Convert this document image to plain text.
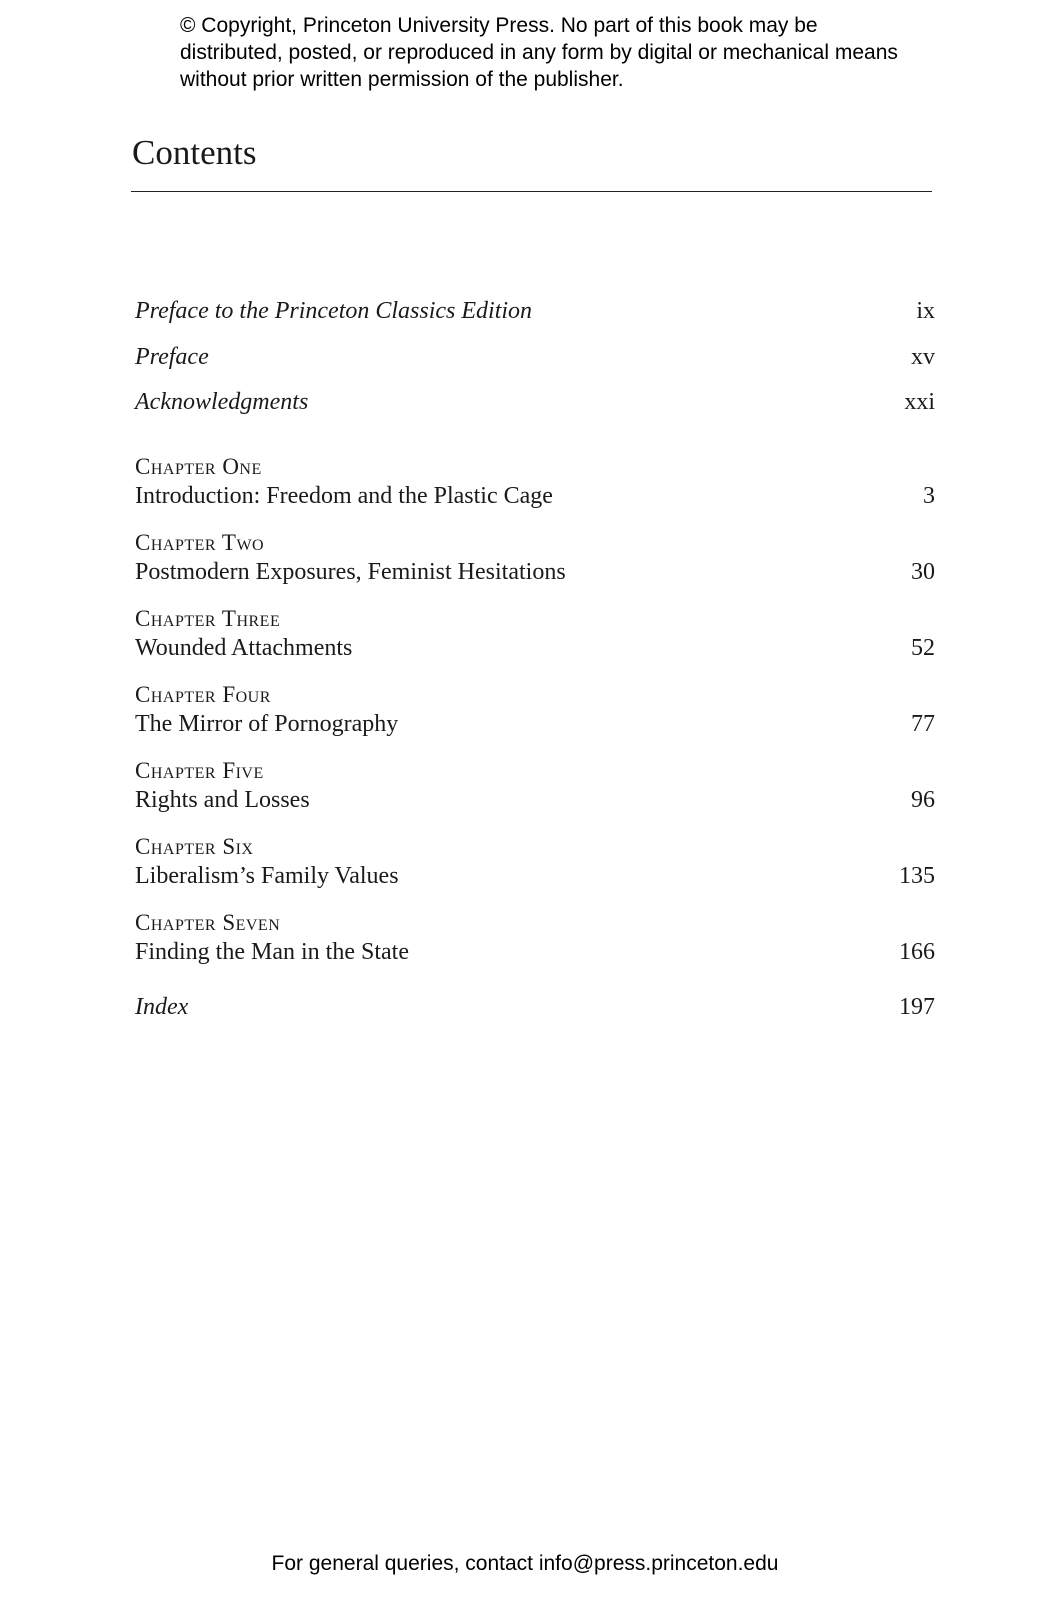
© Copyright, Princeton University Press. No part of this book may be distributed, posted, or reproduced in any form by digital or mechanical means without prior written permission of the publisher.
Contents
Preface to the Princeton Classics Edition	ix
Preface	xv
Acknowledgments	xxi
Chapter One
Introduction: Freedom and the Plastic Cage	3
Chapter Two
Postmodern Exposures, Feminist Hesitations	30
Chapter Three
Wounded Attachments	52
Chapter Four
The Mirror of Pornography	77
Chapter Five
Rights and Losses	96
Chapter Six
Liberalism’s Family Values	135
Chapter Seven
Finding the Man in the State	166
Index	197
For general queries, contact info@press.princeton.edu
